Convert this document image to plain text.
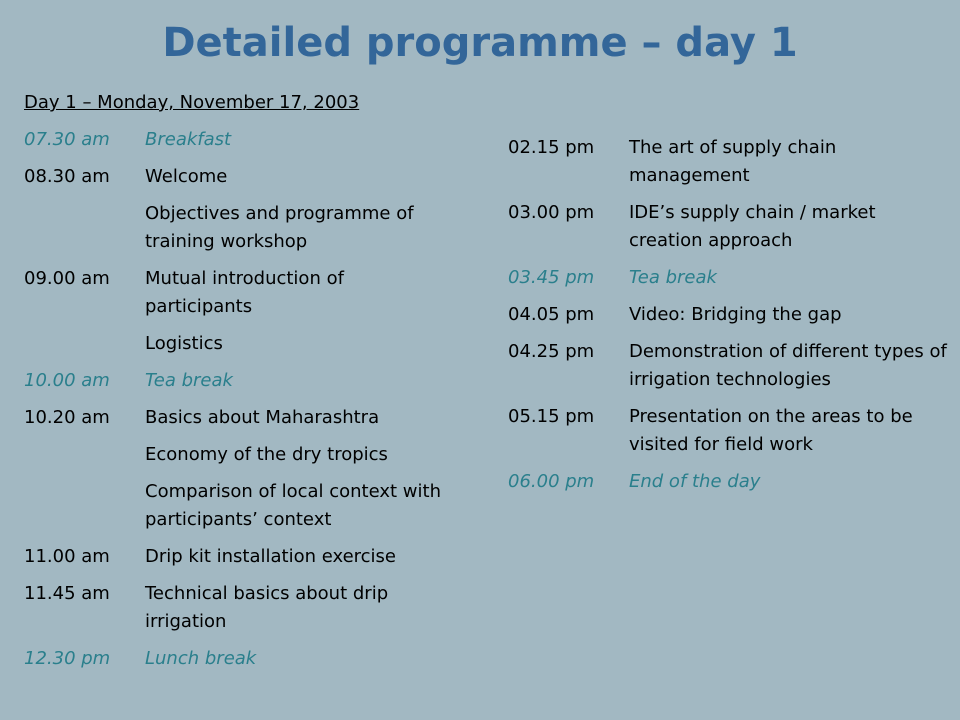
Detailed programme – day 1
Day 1 – Monday, November 17, 2003
07.30 am	Breakfast
08.30 am	Welcome
Objectives and programme of training workshop
09.00 am	Mutual introduction of participants
Logistics
10.00 am	Tea break
10.20 am	Basics about Maharashtra
Economy of the dry tropics
Comparison of local context with participants’ context
11.00 am	Drip kit installation exercise
11.45 am	Technical basics about drip irrigation
12.30 pm	Lunch break
02.15 pm	The art of supply chain management
03.00 pm	IDE’s supply chain / market creation approach
03.45 pm	Tea break
04.05 pm	Video: Bridging the gap
04.25 pm	Demonstration of different types of irrigation technologies
05.15 pm	Presentation on the areas to be visited for field work
06.00 pm	End of the day
